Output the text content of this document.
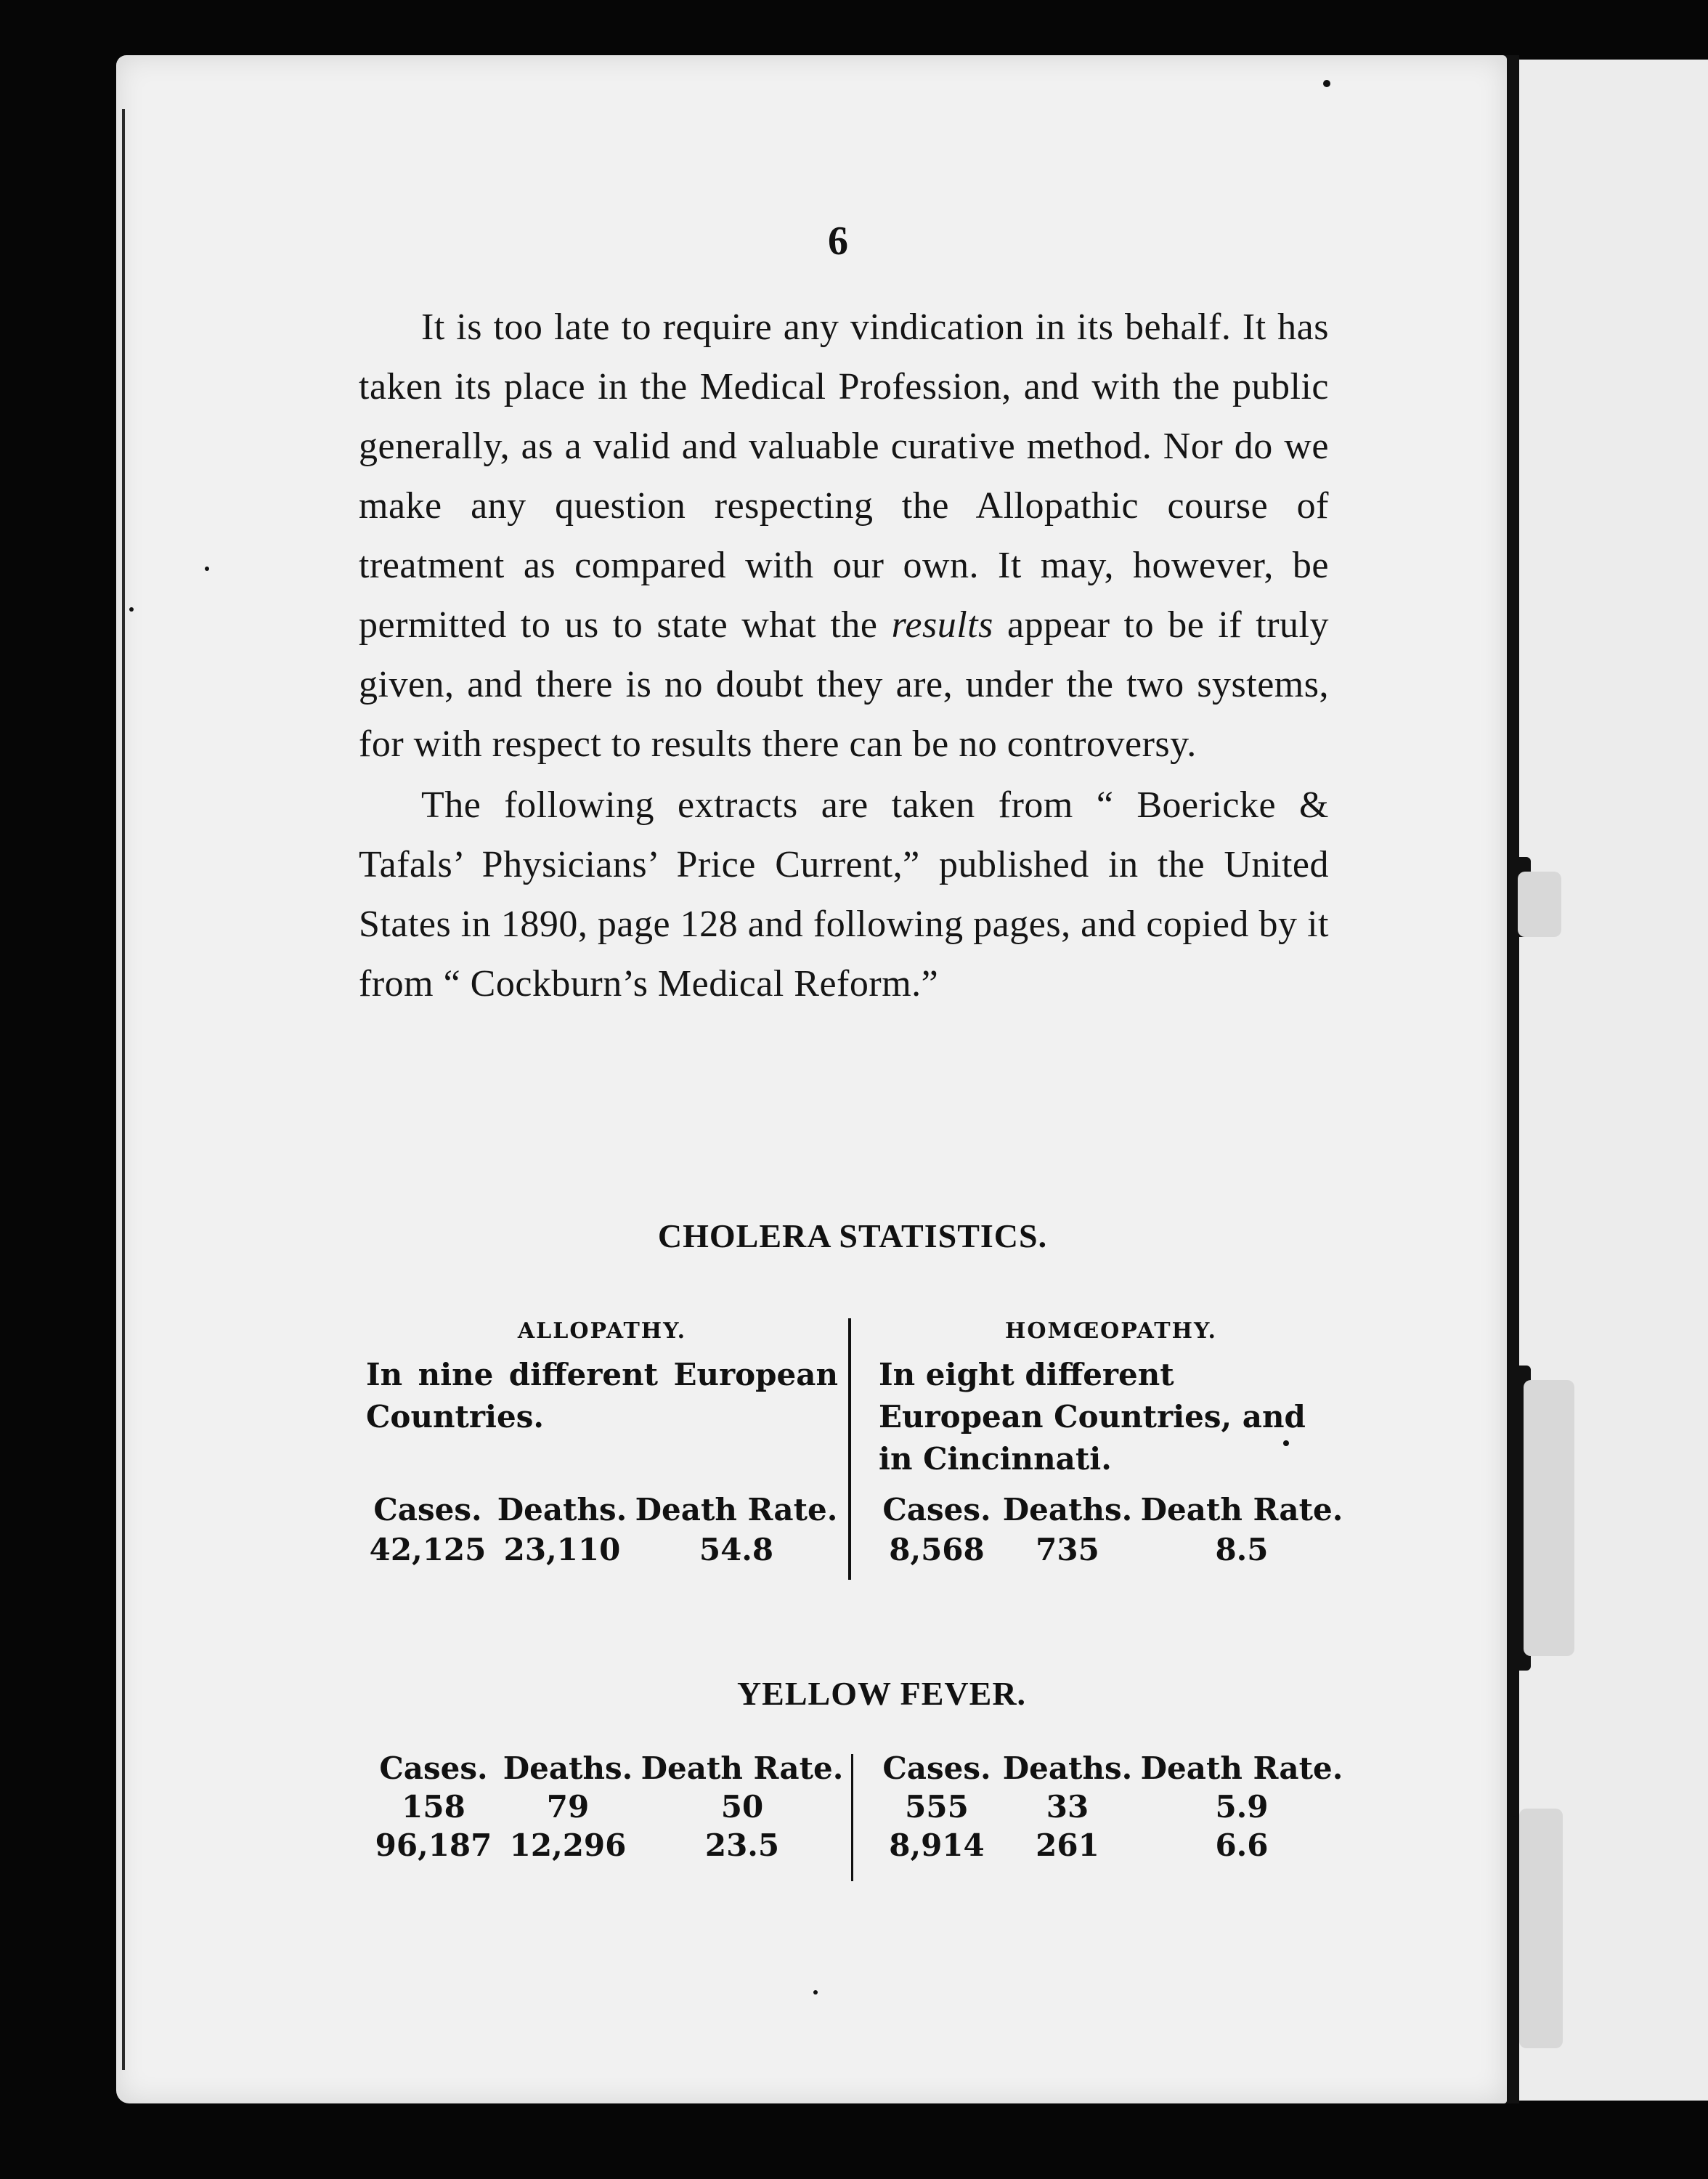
6

It is too late to require any vindication in its behalf. It has taken its place in the Medical Profession, and with the public generally, as a valid and valuable curative method. Nor do we make any question respecting the Allopathic course of treatment as compared with our own. It may, however, be permitted to us to state what the results appear to be if truly given, and there is no doubt they are, under the two systems, for with respect to results there can be no controversy.

The following extracts are taken from “ Boericke & Tafals’ Physicians’ Price Current,” published in the United States in 1890, page 128 and following pages, and copied by it from “ Cockburn’s Medical Reform.”

CHOLERA STATISTICS.
ALLOPATHY.
In nine different European Countries.
Cases. Deaths. Death Rate.
42,125 23,110	54.8
HOMŒOPATHY.
In eight different European Countries, and in Cincinnati.
Cases. Deaths. Death Rate.
8,568	735	8.5
YELLOW FEVER.
Cases. Deaths. Death Rate.
158	79	50
96,187 12,296	23.5
Cases. Deaths. Death Rate.
555	33	5.9
8,914	261	6.6
